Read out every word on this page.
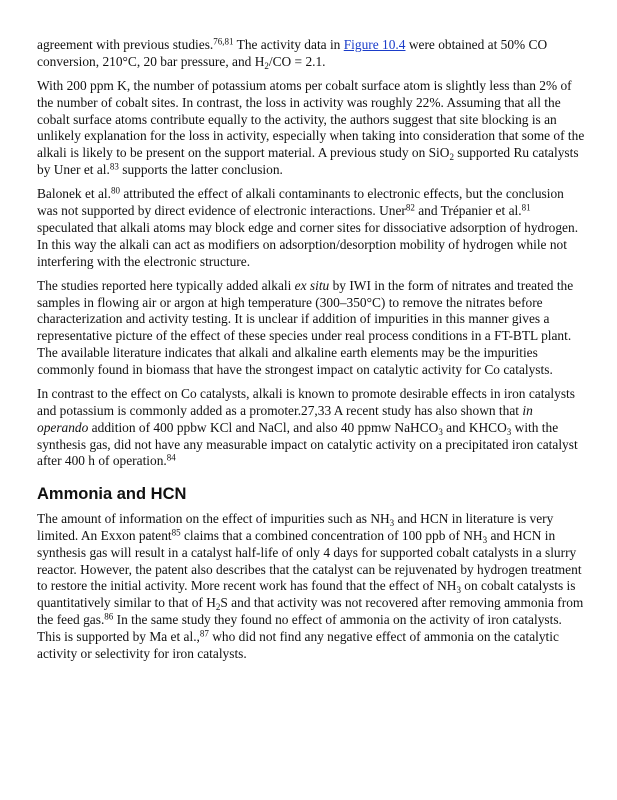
agreement with previous studies.$^{76,81}$ The activity data in Figure 10.4 were obtained at 50% CO conversion, 210°C, 20 bar pressure, and $H_2/CO = 2.1$.

With 200 ppm K, the number of potassium atoms per cobalt surface atom is slightly less than 2% of the number of cobalt sites. In contrast, the loss in activity was roughly 22%. Assuming that all the cobalt surface atoms contribute equally to the activity, the authors suggest that site blocking is an unlikely explanation for the loss in activity, especially when taking into consideration that some of the alkali is likely to be present on the support material. A previous study on SiO$_2$ supported Ru catalysts by Uner et al.$^{83}$ supports the latter conclusion.

Balonek et al.$^{80}$ attributed the effect of alkali contaminants to electronic effects, but the conclusion was not supported by direct evidence of electronic interactions. Uner$^{82}$ and Trépanier et al.$^{81}$ speculated that alkali atoms may block edge and corner sites for dissociative adsorption of hydrogen. In this way the alkali can act as modifiers on adsorption/desorption mobility of hydrogen while not interfering with the electronic structure.

The studies reported here typically added alkali ex situ by IWI in the form of nitrates and treated the samples in flowing air or argon at high temperature (300–350°C) to remove the nitrates before characterization and activity testing. It is unclear if addition of impurities in this manner gives a representative picture of the effect of these species under real process conditions in a FT-BTL plant. The available literature indicates that alkali and alkaline earth elements may be the impurities commonly found in biomass that have the strongest impact on catalytic activity for Co catalysts.

In contrast to the effect on Co catalysts, alkali is known to promote desirable effects in iron catalysts and potassium is commonly added as a promoter.27,33 A recent study has also shown that in operando addition of 400 ppbw KCl and NaCl, and also 40 ppmw NaHCO$_3$ and $KHCO_3$ with the synthesis gas, did not have any measurable impact on catalytic activity on a precipitated iron catalyst after 400 h of operation.$^{84}$

Ammonia and HCN

The amount of information on the effect of impurities such as $NH_3$ and HCN in literature is very limited. An Exxon patent$^{85}$ claims that a combined concentration of 100 ppb of $NH_3$ and HCN in synthesis gas will result in a catalyst half-life of only 4 days for supported cobalt catalysts in a slurry reactor. However, the patent also describes that the catalyst can be rejuvenated by hydrogen treatment to restore the initial activity. More recent work has found that the effect of $NH_3$ on cobalt catalysts is quantitatively similar to that of $H_2S$ and that activity was not recovered after removing ammonia from the feed gas.$^{86}$ In the same study they found no effect of ammonia on the activity of iron catalysts. This is supported by Ma et al.,$^{87}$ who did not find any negative effect of ammonia on the catalytic activity or selectivity for iron catalysts.
